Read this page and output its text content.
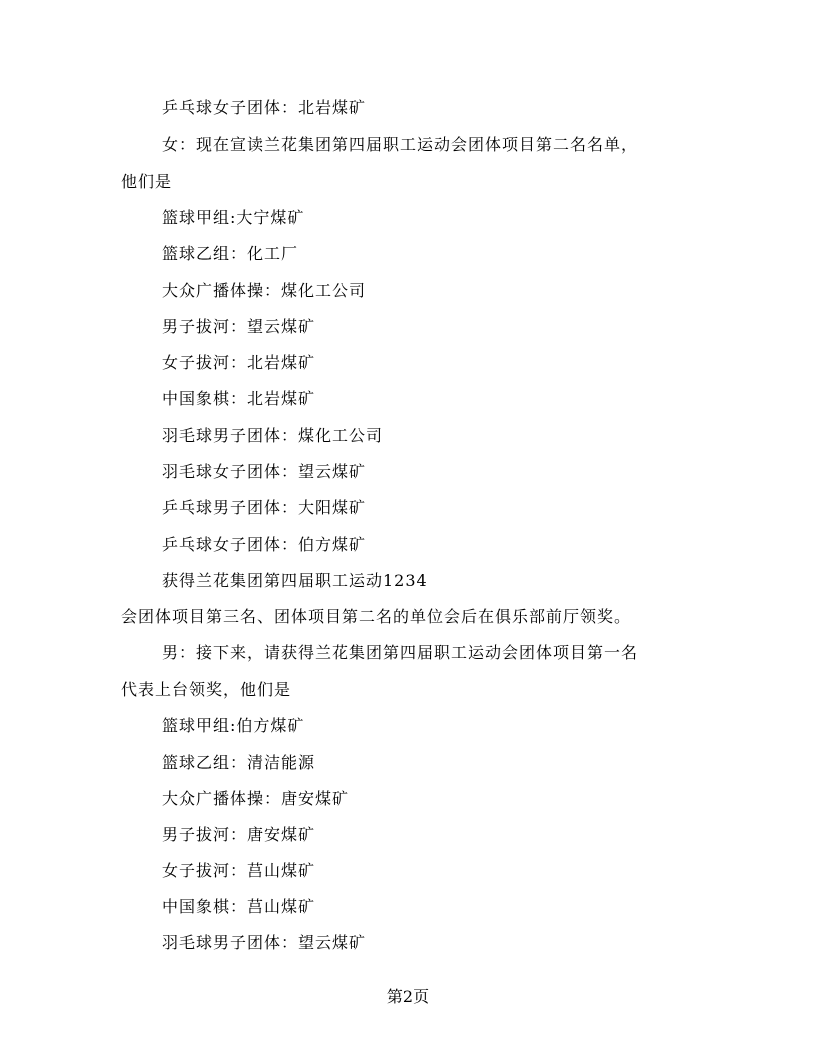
乒乓球女子团体：北岩煤矿
女：现在宣读兰花集团第四届职工运动会团体项目第二名名单，
他们是
篮球甲组:大宁煤矿
篮球乙组：化工厂
大众广播体操：煤化工公司
男子拔河：望云煤矿
女子拔河：北岩煤矿
中国象棋：北岩煤矿
羽毛球男子团体：煤化工公司
羽毛球女子团体：望云煤矿
乒乓球男子团体：大阳煤矿
乒乓球女子团体：伯方煤矿
获得兰花集团第四届职工运动1234
会团体项目第三名、团体项目第二名的单位会后在俱乐部前厅领奖。
男：接下来，请获得兰花集团第四届职工运动会团体项目第一名
代表上台领奖，他们是
篮球甲组:伯方煤矿
篮球乙组：清洁能源
大众广播体操：唐安煤矿
男子拔河：唐安煤矿
女子拔河：莒山煤矿
中国象棋：莒山煤矿
羽毛球男子团体：望云煤矿
第2页
